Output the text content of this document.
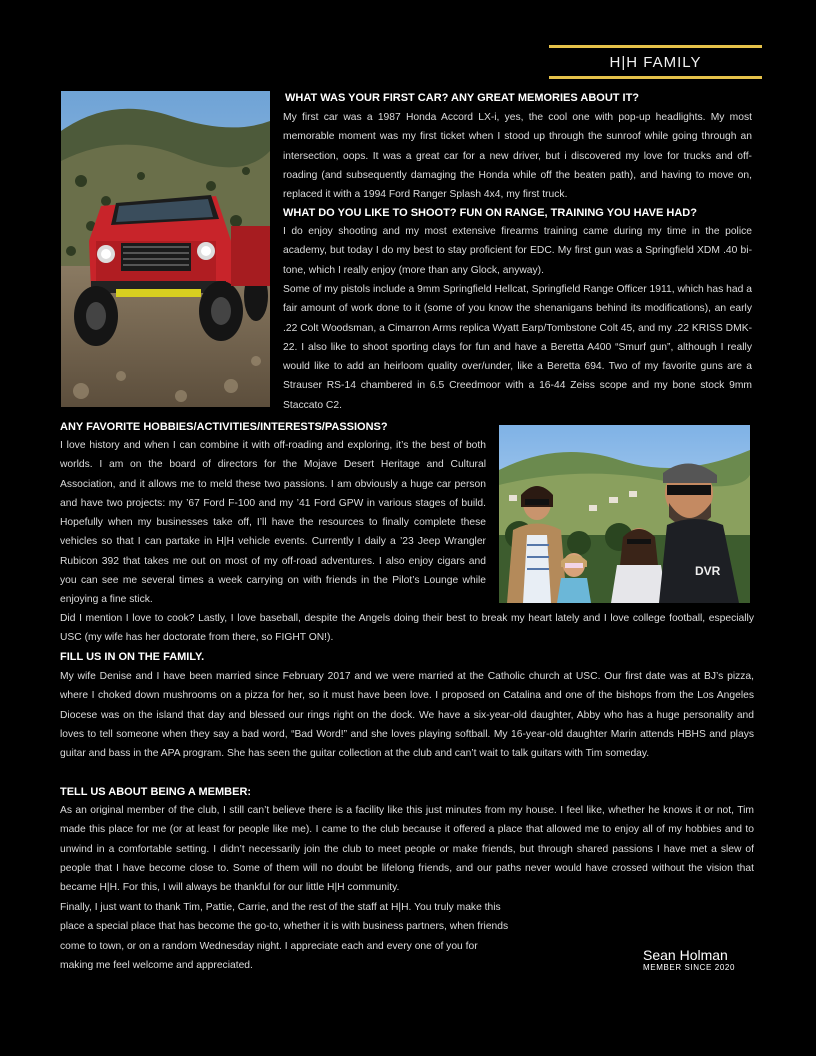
H|H FAMILY
WHAT WAS YOUR FIRST CAR? ANY GREAT MEMORIES ABOUT IT?

My first car was a 1987 Honda Accord LX-i, yes, the cool one with pop-up headlights. My most memorable moment was my first ticket when I stood up through the sunroof while going through an intersection, oops. It was a great car for a new driver, but i discovered my love for trucks and off-roading (and subsequently damaging the Honda while off the beaten path), and having to move on, replaced it with a 1994 Ford Ranger Splash 4x4, my first truck.

WHAT DO YOU LIKE TO SHOOT? FUN ON RANGE, TRAINING YOU HAVE HAD?

I do enjoy shooting and my most extensive firearms training came during my time in the police academy, but today I do my best to stay proficient for EDC. My first gun was a Springfield XDM .40 bi-tone, which I really enjoy (more than any Glock, anyway).

Some of my pistols include a 9mm Springfield Hellcat, Springfield Range Officer 1911, which has had a fair amount of work done to it (some of you know the shenanigans behind its modifications), an early .22 Colt Woodsman, a Cimarron Arms replica Wyatt Earp/Tombstone Colt 45, and my .22 KRISS DMK-22. I also like to shoot sporting clays for fun and have a Beretta A400 “Smurf gun”, although I really would like to add an heirloom quality over/under, like a Beretta 694. Two of my favorite guns are a Strauser RS-14 chambered in 6.5 Creedmoor with a 16-44 Zeiss scope and my bone stock 9mm Staccato C2.

ANY FAVORITE HOBBIES/ACTIVITIES/INTERESTS/PASSIONS?

I love history and when I can combine it with off-roading and exploring, it’s the best of both worlds. I am on the board of directors for the Mojave Desert Heritage and Cultural Association, and it allows me to meld these two passions. I am obviously a huge car person and have two projects: my ’67 Ford F-100 and my ’41 Ford GPW in various stages of build. Hopefully when my businesses take off, I’ll have the resources to finally complete these vehicles so that I can partake in H|H vehicle events. Currently I daily a ’23 Jeep Wrangler Rubicon 392 that takes me out on most of my off-road adventures. I also enjoy cigars and you can see me several times a week carrying on with friends in the Pilot’s Lounge while enjoying a fine stick.

DVR

Did I mention I love to cook? Lastly, I love baseball, despite the Angels doing their best to break my heart lately and I love college football, especially USC (my wife has her doctorate from there, so FIGHT ON!).

FILL US IN ON THE FAMILY.

My wife Denise and I have been married since February 2017 and we were married at the Catholic church at USC. Our first date was at BJ’s pizza, where I choked down mushrooms on a pizza for her, so it must have been love. I proposed on Catalina and one of the bishops from the Los Angeles Diocese was on the island that day and blessed our rings right on the dock. We have a six-year-old daughter, Abby who has a huge personality and loves to tell someone when they say a bad word, “Bad Word!” and she loves playing softball. My 16-year-old daughter Marin attends HBHS and plays guitar and bass in the APA program. She has seen the guitar collection at the club and can’t wait to talk guitars with Tim someday.

TELL US ABOUT BEING A MEMBER:

As an original member of the club, I still can’t believe there is a facility like this just minutes from my house. I feel like, whether he knows it or not, Tim made this place for me (or at least for people like me). I came to the club because it offered a place that allowed me to enjoy all of my hobbies and to unwind in a comfortable setting. I didn’t necessarily join the club to meet people or make friends, but through shared passions I have met a slew of people that I have become close to. Some of them will no doubt be lifelong friends, and our paths never would have crossed without the vision that became H|H. For this, I will always be thankful for our little H|H community.

Finally, I just want to thank Tim, Pattie, Carrie, and the rest of the staff at H|H. You truly make this place a special place that has become the go-to, whether it is with business partners, when friends come to town, or on a random Wednesday night. I appreciate each and every one of you for making me feel welcome and appreciated.

Sean Holman
MEMBER SINCE 2020
